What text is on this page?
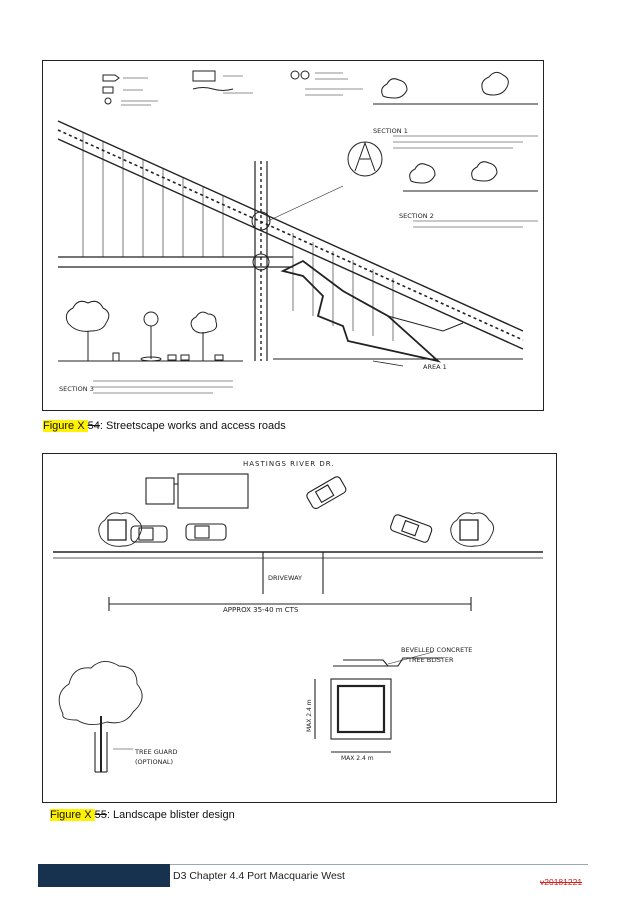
SECTION 3
SECTION 2
SECTION 1
AREA 1
Figure X 54: Streetscape works and access roads
HASTINGS RIVER DR.
DRIVEWAY
APPROX 35-40 m CTS
BEVELLED CONCRETE
TREE BLISTER
TREE GUARD
(OPTIONAL)
MAX 2.4 m
MAX 2.4 m
Figure X 55: Landscape blister design
D3 Chapter 4.4 Port Macquarie West	v20181221
